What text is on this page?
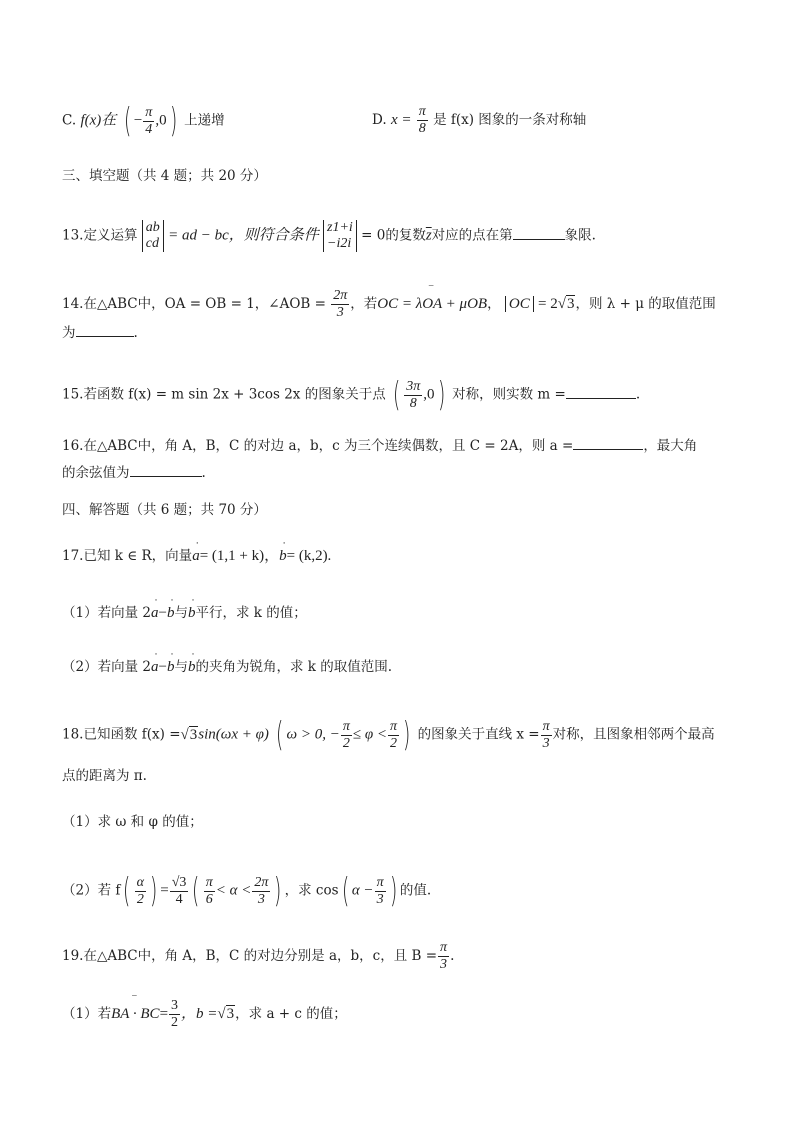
C. f(x)在 ( − $\frac{\pi}{4} ,0$) 上递增	D. $x = \frac{\pi}{8}$ 是 f(x) 图象的一条对称轴
三、填空题（共 4 题；共 20 分）
13.定义运算 ab
cd = ad − bc，则符合条件 z1+i
−i2i = 0的复数$\overline{z}$对应的点在第	象限.
14.在△ABC中，OA = OB = 1，∠AOB = $\frac{2\pi}{3}$ ，若‾ OC = λOA + μOB， OC = 2 √ 3，则 λ + μ 的取值范围
为	.
15.若函数 f(x) = m sin 2x + 3cos 2x 的图象关于点 ( $\frac{3\pi}{8} ,0$) 对称，则实数 m =	.
16.在△ABC中，角 A，B，C 的对边 a，b，c 为三个连续偶数，且 C = 2A，则 a =	，最大角
的余弦值为	.
四、解答题（共 6 题；共 70 分）
17.已知 k ∈ R，向量˙ a= (1,1 + k)，˙ b= (k,2).
（1）若向量 2˙ a−˙ b与˙ b平行，求 k 的值；
（2）若向量 2˙ a−˙ b与˙ b的夹角为锐角，求 k 的取值范围.
18.已知函数 f(x) = √ 3sin(ωx + φ) ( ω > 0, − $\frac{\pi}{2} \le \varphi < \frac{\pi}{2}$ ) 的图象关于直线 $x = \frac{\pi}{3}$ 对称，且图象相邻两个最高
点的距离为 π.
（1）求 ω 和 φ 的值；
（2）若 $f( \frac{\alpha}{2}$ ) = $\frac{√3}{4}$ ( $\frac{\pi}{6} < \alpha < \frac{2\pi}{3}$ ) ，求 cos( $\alpha - \frac{\pi}{3}$ ) 的值.
19.在△ABC中，角 A，B，C 的对边分别是 a，b，c，且 $B = \frac{\pi}{3}$ .
（1）若‾ BA · $BC= \frac{3}{2}$ ，b = √ 3，求 a + c 的值；
